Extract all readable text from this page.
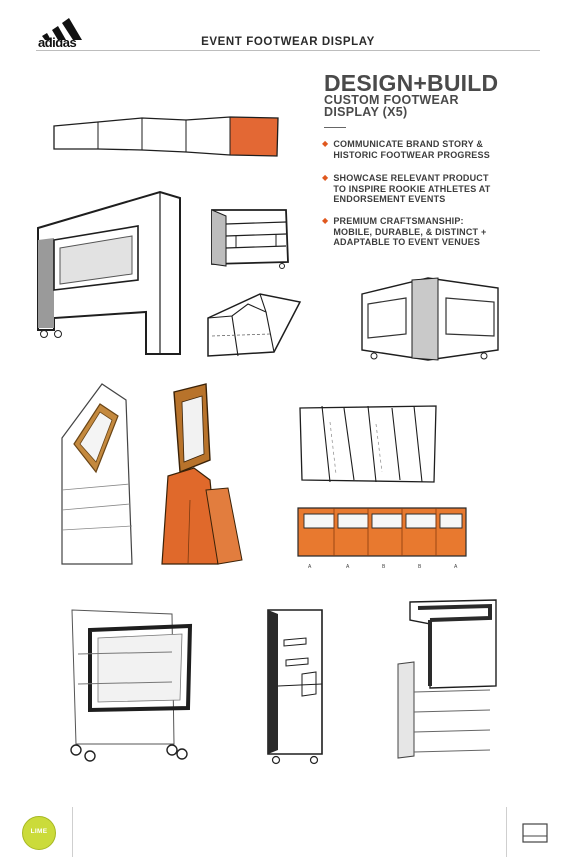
adidas	EVENT FOOTWEAR DISPLAY
DESIGN+BUILD
CUSTOM FOOTWEAR
DISPLAY (X5)
◆ COMMUNICATE BRAND STORY &
HISTORIC FOOTWEAR PROGRESS
◆ SHOWCASE RELEVANT PRODUCT
TO INSPIRE ROOKIE ATHLETES AT
ENDORSEMENT EVENTS
◆ PREMIUM CRAFTSMANSHIP:
MOBILE, DURABLE, & DISTINCT +
ADAPTABLE TO EVENT VENUES
A	A	B	B	A
LIME
